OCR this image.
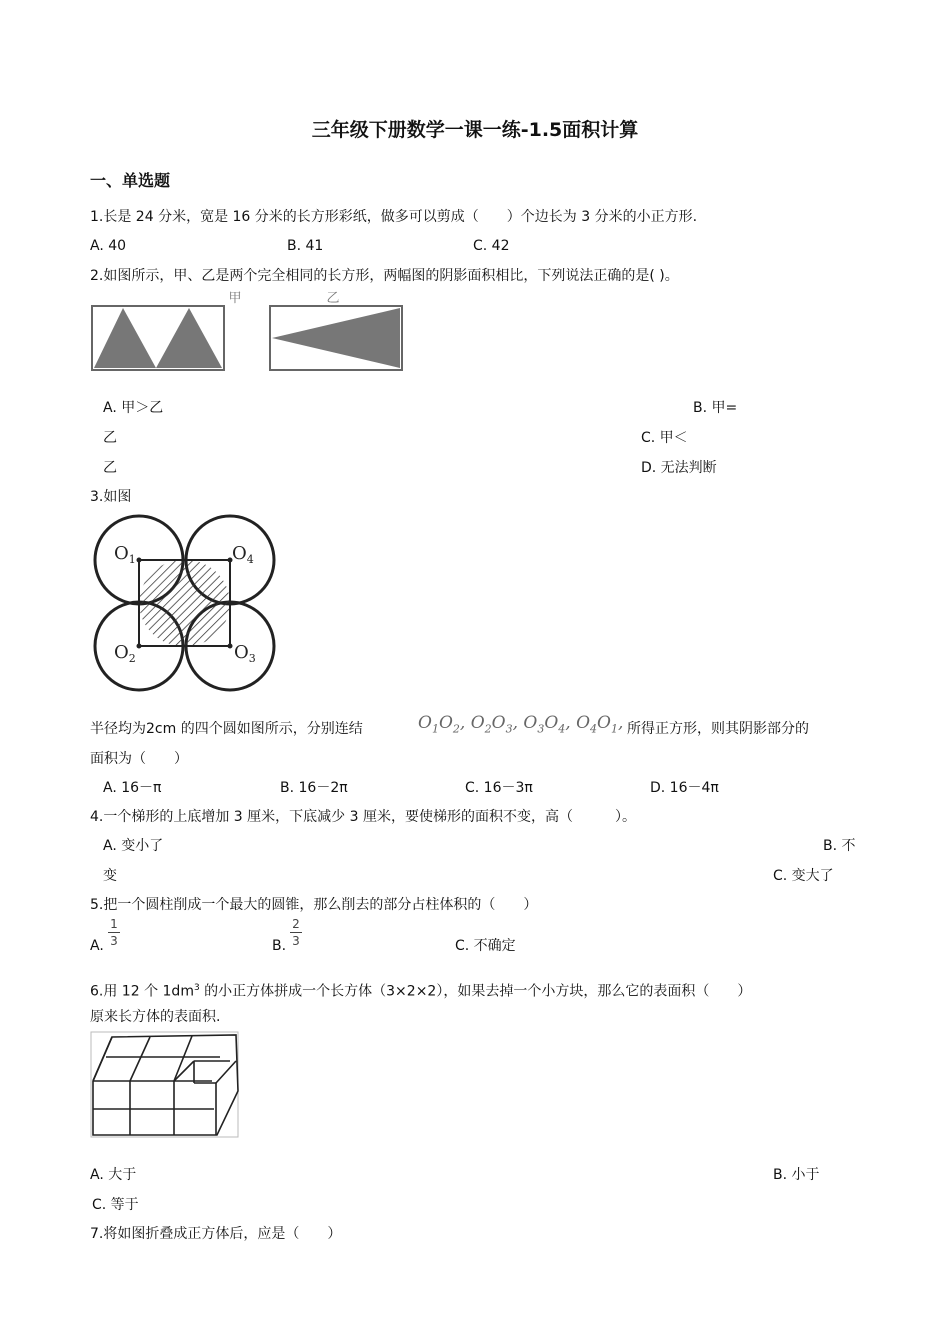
三年级下册数学一课一练-1.5面积计算
一、单选题
1.长是 24 分米，宽是 16 分米的长方形彩纸，做多可以剪成（　　）个边长为 3 分米的小正方形.
A. 40	B. 41	C. 42
2.如图所示，甲、乙是两个完全相同的长方形，两幅图的阴影面积相比，下列说法正确的是( )。
甲	乙
A. 甲＞乙	B. 甲=
乙	C. 甲＜
乙	D. 无法判断
3.如图
$O_1$	$O_4$
$O_2$	$O_3$
半径均为2cm 的四个圆如图所示，分别连结	$O_1O_2$, $O_2O_3$, $O_3O_4$, $O_4O_1$, 所得正方形，则其阴影部分的
面积为（　　）
A. 16－π	B. 16－2π	C. 16－3π	D. 16－4π
4.一个梯形的上底增加 3 厘米，下底减少 3 厘米，要使梯形的面积不变，高（　　　）。
A. 变小了	B. 不
变	C. 变大了
5.把一个圆柱削成一个最大的圆锥，那么削去的部分占柱体积的（　　）
A.
1
3	B.
2
3	C. 不确定
6.用 12 个 $1dm^3$ 的小正方体拼成一个长方体（3×2×2），如果去掉一个小方块，那么它的表面积（　　）
原来长方体的表面积.
A. 大于	B. 小于
C. 等于
7.将如图折叠成正方体后，应是（　　）
